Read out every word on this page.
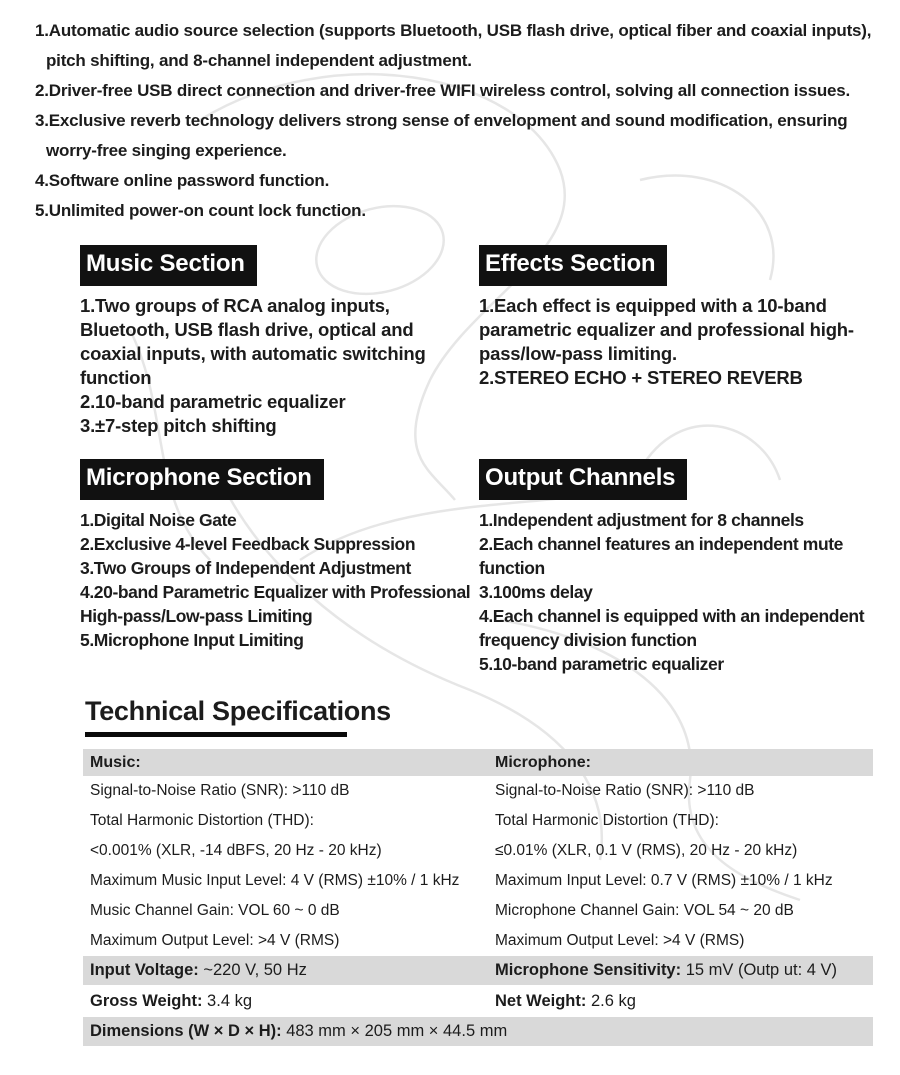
1.Automatic audio source selection (supports Bluetooth, USB flash drive, optical fiber and coaxial inputs), pitch shifting, and 8-channel independent adjustment.
2.Driver-free USB direct connection and driver-free WIFI wireless control, solving all connection issues.
3.Exclusive reverb technology delivers strong sense of envelopment and sound modification, ensuring worry-free singing experience.
4.Software online password function.
5.Unlimited power-on count lock function.
Music Section
1.Two groups of RCA analog inputs, Bluetooth, USB flash drive, optical and coaxial inputs, with automatic switching function
2.10-band parametric equalizer
3.±7-step pitch shifting
Effects Section
1.Each effect is equipped with a 10-band parametric equalizer and professional high-pass/low-pass limiting.
2.STEREO ECHO + STEREO REVERB
Microphone Section
1.Digital Noise Gate
2.Exclusive 4-level Feedback Suppression
3.Two Groups of Independent Adjustment
4.20-band Parametric Equalizer with Professional High-pass/Low-pass Limiting
5.Microphone Input Limiting
Output Channels
1.Independent adjustment for 8 channels
2.Each channel features an independent mute function
3.100ms delay
4.Each channel is equipped with an independent frequency division function
5.10-band parametric equalizer
Technical Specifications
Music:	Microphone:
Signal-to-Noise Ratio (SNR): >110 dB	Signal-to-Noise Ratio (SNR): >110 dB
Total Harmonic Distortion (THD):	Total Harmonic Distortion (THD):
<0.001% (XLR, -14 dBFS, 20 Hz - 20 kHz)	≤0.01% (XLR, 0.1 V (RMS), 20 Hz - 20 kHz)
Maximum Music Input Level: 4 V (RMS) ±10% / 1 kHz	Maximum Input Level: 0.7 V (RMS) ±10% / 1 kHz
Music Channel Gain: VOL 60 ~ 0 dB	Microphone Channel Gain: VOL 54 ~ 20 dB
Maximum Output Level: >4 V (RMS)	Maximum Output Level: >4 V (RMS)
Input Voltage: ~220 V, 50 Hz	Microphone Sensitivity: 15 mV (Outp ut: 4 V)
Gross Weight: 3.4 kg	Net Weight: 2.6 kg
Dimensions (W × D × H): 483 mm × 205 mm × 44.5 mm
